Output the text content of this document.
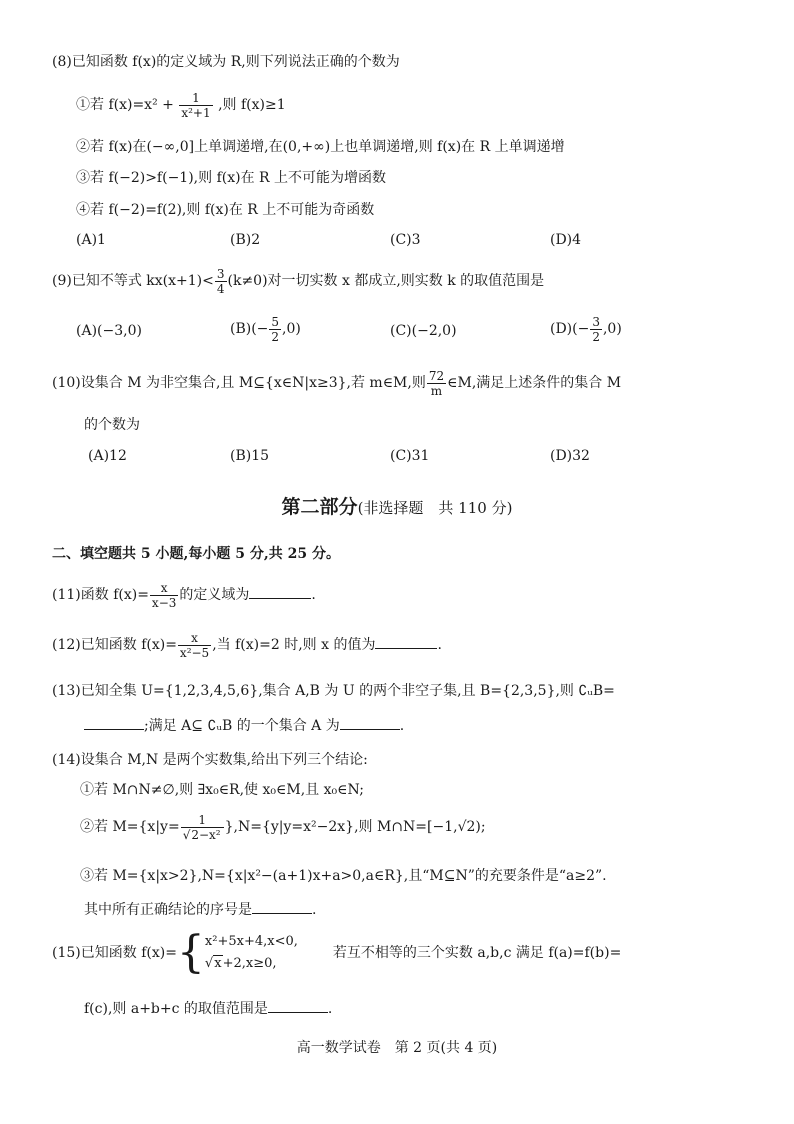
(8)已知函数 f(x)的定义域为 R,则下列说法正确的个数为
①若 $f(x)=x^2 + \frac{1}{\text{x²+1}}$ ,则 f(x)≥1
②若 f(x)在(−∞,0]上单调递增,在(0,+∞)上也单调递增,则 f(x)在 R 上单调递增
③若 f(−2)>f(−1),则 f(x)在 R 上不可能为增函数
④若 f(−2)=f(2),则 f(x)在 R 上不可能为奇函数
(A)1	(B)2	(C)3	(D)4
(9)已知不等式 $kx(x+1)< \frac{3}{4} (k\ne 0)$对一切实数 x 都成立,则实数 k 的取值范围是
(A)(−3,0)	$(B)(- \frac{5}{2} ,0)$	(C)(−2,0)	$(D)(- \frac{3}{2} ,0)$
(10)设集合 M 为非空集合,且 M⊆{x∈N|x≥3},若 m∈M,则 $\frac{72}{m}$ ∈M,满足上述条件的集合 M
的个数为
(A)12	(B)15	(C)31	(D)32
第二部分(非选择题　共 110 分)
二、填空题共 5 小题,每小题 5 分,共 25 分。
(11)函数 $f(x)= \frac{x}{x-3}$ 的定义域为	.
(12)已知函数 $f(x)= \frac{x}{\text{x²−5}}$ ,当 f(x)=2 时,则 x 的值为	.
(13)已知全集 U={1,2,3,4,5,6},集合 A,B 为 U 的两个非空子集,且 B={2,3,5},则 ∁ᵤB=
;满足 A⊆ ∁ᵤB 的一个集合 A 为	.
(14)设集合 M,N 是两个实数集,给出下列三个结论:
①若 M∩N≠∅,则 ∃x₀∈R,使 x₀∈M,且 x₀∈N;
②若 $M=\{x|y= \frac{1}{\text{√2−x²}} \},N=\{y|y=x^2-2x\}$,则 M∩N=[−1,√2);
③若 M={x|x>2},N={x|x²−(a+1)x+a>0,a∈R},且“M⊆N”的充要条件是“a≥2”.
其中所有正确结论的序号是	.
(15)已知函数 f(x)={ x²+5x+4,x<0,
√x+2,x≥0,
若互不相等的三个实数 a,b,c 满足 f(a)=f(b)=
f(c),则 a+b+c 的取值范围是	.
高一数学试卷　第 2 页(共 4 页)
